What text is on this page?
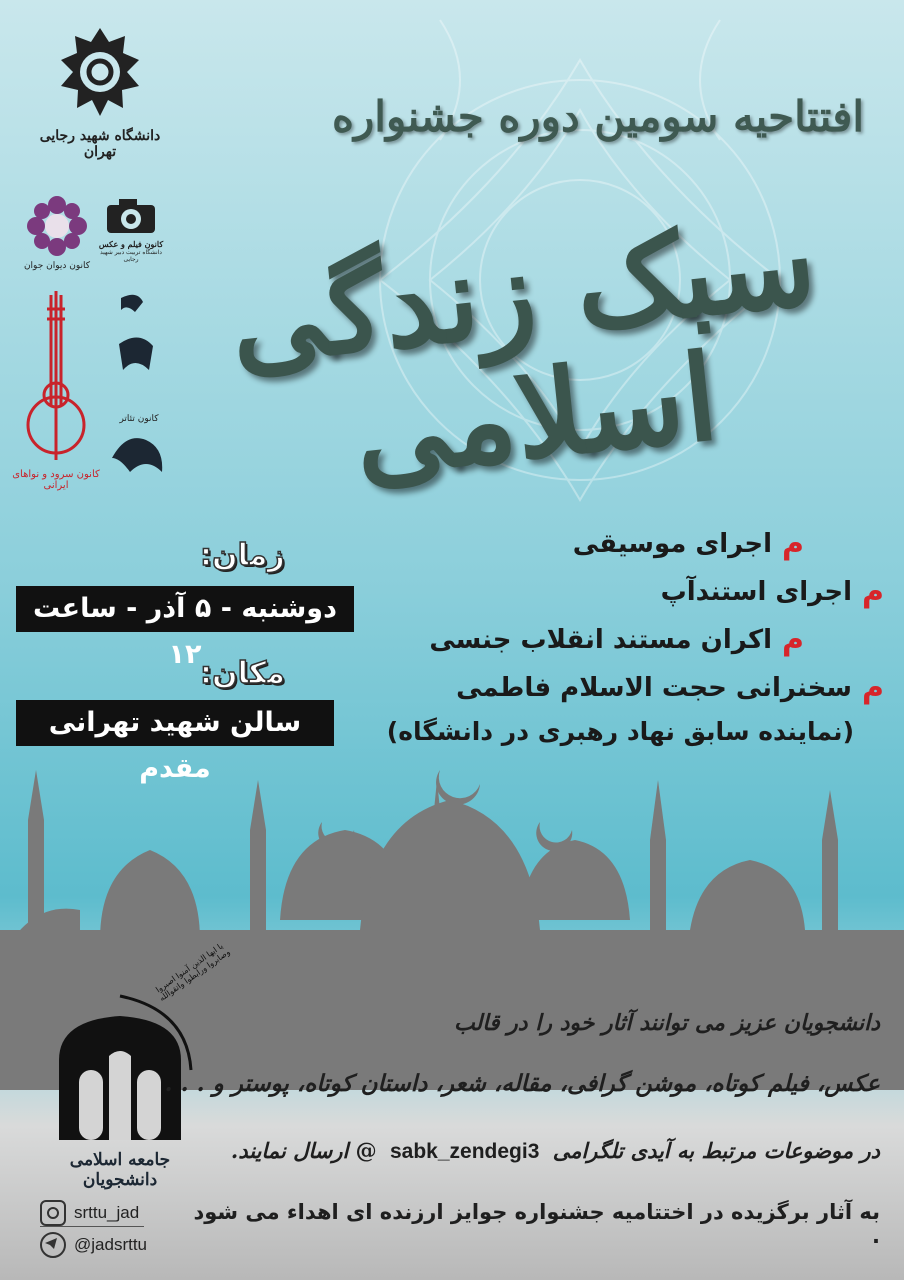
افتتاحیه سومین دوره جشنواره
سبک زندگی اسلامی
دانشگاه شهید رجایی تهران
کانون دیوان جوان
کانون فیلم و عکس
دانشگاه تربیت دبیر شهید رجایی
کانون سرود و نواهای ایرانی
کانون تئاتر
زمان:
دوشنبه - ۵ آذر - ساعت ۱۲
مکان:
سالن شهید تهرانی مقدم
م
اجرای موسیقی
م
اجرای استندآپ
م
اکران مستند انقلاب جنسی
م
سخنرانی حجت الاسلام فاطمی
(نماینده سابق نهاد رهبری در دانشگاه)
جامعه اسلامی دانشجویان
یا ایها الذین آمنوا اصبروا وصابروا ورابطوا واتقوالله
دانشجویان عزیز می توانند آثار خود را در قالب
عکس، فیلم کوتاه، موشن گرافی، مقاله، شعر، داستان کوتاه، پوستر و . . .
در موضوعات مرتبط به آیدی تلگرامی sabk_zendegi3 @ ارسال نمایند.
به آثار برگزیده در اختتامیه جشنواره جوایز ارزنده ای اهداء می شود .
srttu_jad
@jadsrttu
